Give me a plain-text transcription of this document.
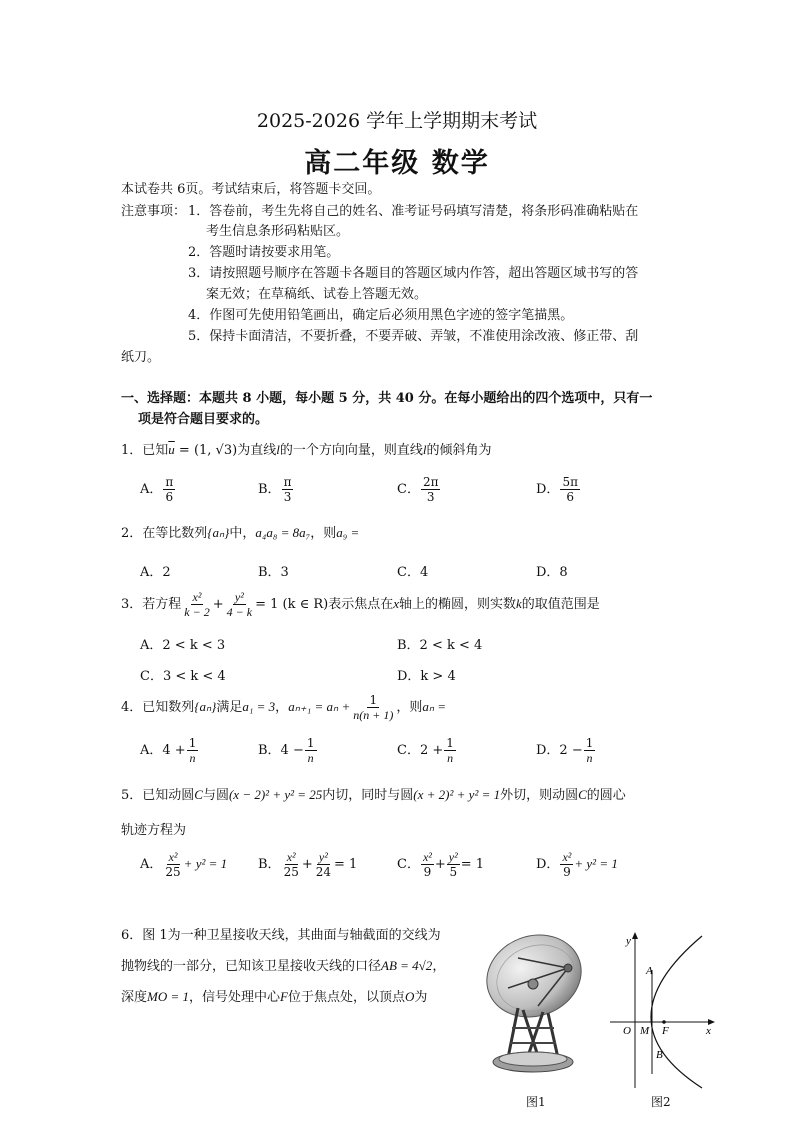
2025-2026 学年上学期期末考试
高二年级 数学
本试卷共 6页。考试结束后，将答题卡交回。
注意事项： 1．答卷前，考生先将自己的姓名、准考证号码填写清楚，将条形码准确粘贴在
考生信息条形码粘贴区。
2．答题时请按要求用笔。
3．请按照题号顺序在答题卡各题目的答题区域内作答，超出答题区域书写的答
案无效；在草稿纸、试卷上答题无效。
4．作图可先使用铅笔画出，确定后必须用黑色字迹的签字笔描黑。
5．保持卡面清洁，不要折叠，不要弄破、弄皱，不准使用涂改液、修正带、刮
纸刀。
一、选择题：本题共 8 小题，每小题 5 分，共 40 分。在每小题给出的四个选项中，只有一
项是符合题目要求的。
1．已知$\overline{u} = (1$, √3)为直线l的一个方向向量，则直线l的倾斜角为
A． $\frac{\pi}{6}$	B． $\frac{\pi}{3}$	C． $\frac{2\pi}{3}$	D． $\frac{5\pi}{6}$
2．在等比数列{aₙ}中，a₄a₈ = 8a₇，则a₉ =
A．2	B．3	C．4	D．8
3．若方程 $\frac{\text{x²}}{k - 2} + \frac{\text{y²}}{4 - k} = 1$ (k ∈ R)表示焦点在x轴上的椭圆，则实数k的取值范围是
A．2 < k < 3	B．2 < k < 4
C．3 < k < 4	D．k > 4
4．已知数列{aₙ}满足a₁ = 3，$a_{n+1} = a_n + \frac{1}{n(n + 1)}$ ，则aₙ =
A．$4 + \frac{1}{n}$	B．$4 - \frac{1}{n}$	C．$2 + \frac{1}{n}$	D．$2 - \frac{1}{n}$
5．已知动圆C与圆(x − 2)² + y² = 25内切，同时与圆(x + 2)² + y² = 1外切，则动圆C的圆心
轨迹方程为
A． $\frac{\text{x²}}{25} + y^2 = 1$ B． $\frac{\text{x²}}{25} + \frac{\text{y²}}{24} = 1$	C． $\frac{\text{x²}}{9} + \frac{\text{y²}}{5} = 1$	D． $\frac{\text{x²}}{9} + y^2 = 1$
6．图 1为一种卫星接收天线，其曲面与轴截面的交线为
抛物线的一部分，已知该卫星接收天线的口径AB = 4√2，
深度MO = 1，信号处理中心F位于焦点处，以顶点O为
图1
y
x
A
B
O M F
图2
